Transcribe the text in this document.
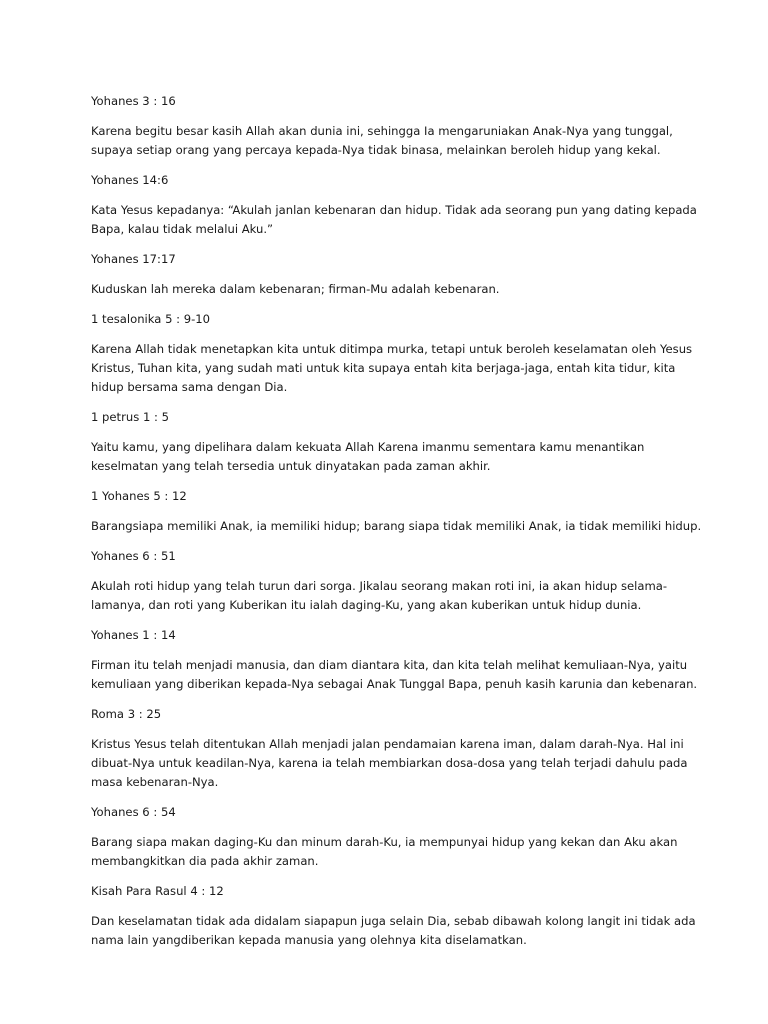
Yohanes 3 : 16

Karena begitu besar kasih Allah akan dunia ini, sehingga Ia mengaruniakan Anak-Nya yang tunggal,
supaya setiap orang yang percaya kepada-Nya tidak binasa, melainkan beroleh hidup yang kekal.

Yohanes 14:6

Kata Yesus kepadanya: “Akulah janlan kebenaran dan hidup. Tidak ada seorang pun yang dating kepada
Bapa, kalau tidak melalui Aku.”

Yohanes 17:17

Kuduskan lah mereka dalam kebenaran; firman-Mu adalah kebenaran.

1 tesalonika 5 : 9-10

Karena Allah tidak menetapkan kita untuk ditimpa murka, tetapi untuk beroleh keselamatan oleh Yesus
Kristus, Tuhan kita, yang sudah mati untuk kita supaya entah kita berjaga-jaga, entah kita tidur, kita
hidup bersama sama dengan Dia.

1 petrus 1 : 5

Yaitu kamu, yang dipelihara dalam kekuata Allah Karena imanmu sementara kamu menantikan
keselmatan yang telah tersedia untuk dinyatakan pada zaman akhir.

1 Yohanes 5 : 12

Barangsiapa memiliki Anak, ia memiliki hidup; barang siapa tidak memiliki Anak, ia tidak memiliki hidup.

Yohanes 6 : 51

Akulah roti hidup yang telah turun dari sorga. Jikalau seorang makan roti ini, ia akan hidup selama-
lamanya, dan roti yang Kuberikan itu ialah daging-Ku, yang akan kuberikan untuk hidup dunia.

Yohanes 1 : 14

Firman itu telah menjadi manusia, dan diam diantara kita, dan kita telah melihat kemuliaan-Nya, yaitu
kemuliaan yang diberikan kepada-Nya sebagai Anak Tunggal Bapa, penuh kasih karunia dan kebenaran.

Roma 3 : 25

Kristus Yesus telah ditentukan Allah menjadi jalan pendamaian karena iman, dalam darah-Nya. Hal ini
dibuat-Nya untuk keadilan-Nya, karena ia telah membiarkan dosa-dosa yang telah terjadi dahulu pada
masa kebenaran-Nya.

Yohanes 6 : 54

Barang siapa makan daging-Ku dan minum darah-Ku, ia mempunyai hidup yang kekan dan Aku akan
membangkitkan dia pada akhir zaman.

Kisah Para Rasul 4 : 12

Dan keselamatan tidak ada didalam siapapun juga selain Dia, sebab dibawah kolong langit ini tidak ada
nama lain yangdiberikan kepada manusia yang olehnya kita diselamatkan.
